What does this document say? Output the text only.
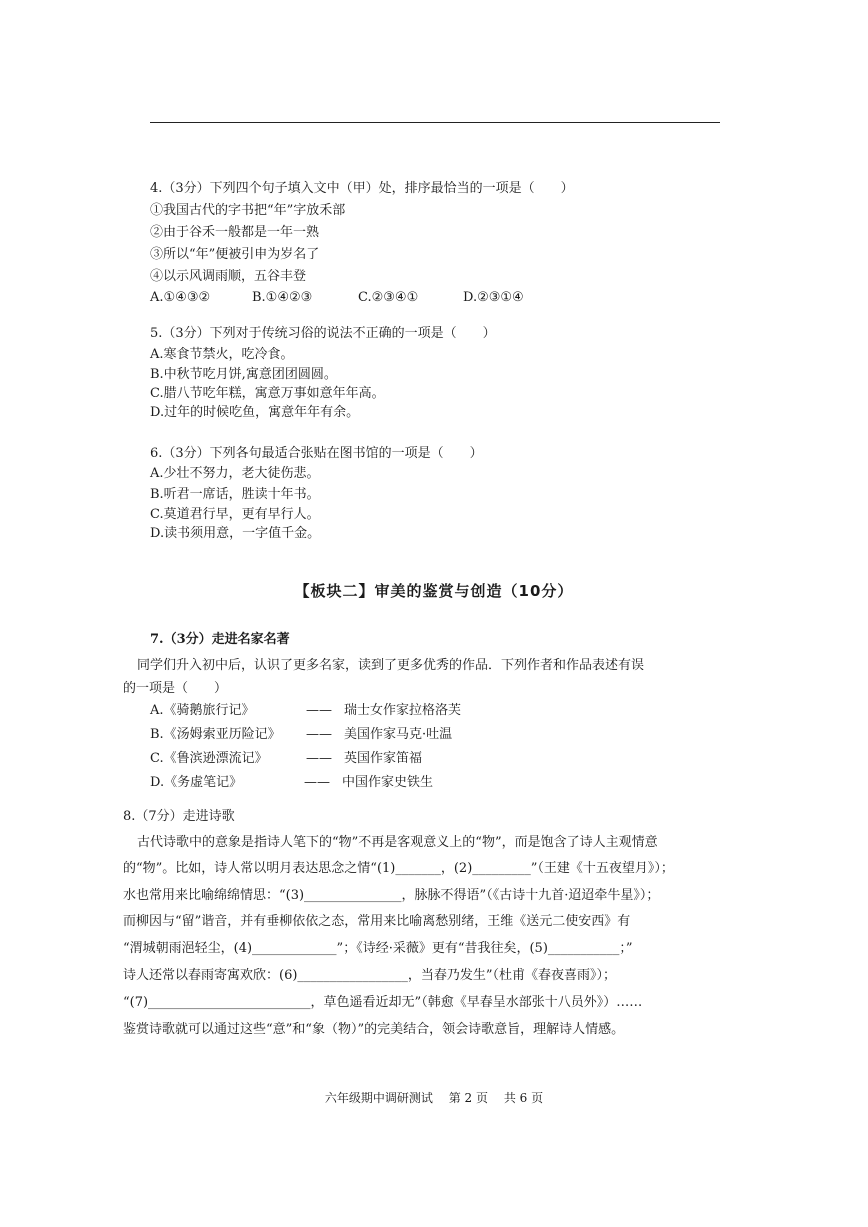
4.（3分）下列四个句子填入文中（甲）处，排序最恰当的一项是（　　）
①我国古代的字书把“年”字放禾部
②由于谷禾一般都是一年一熟
③所以“年”便被引申为岁名了
④以示风调雨顺，五谷丰登
A.①④③②	B.①④②③	C.②③④①	D.②③①④
5.（3分）下列对于传统习俗的说法不正确的一项是（　　）
A.寒食节禁火，吃冷食。
B.中秋节吃月饼,寓意团团圆圆。
C.腊八节吃年糕，寓意万事如意年年高。
D.过年的时候吃鱼，寓意年年有余。
6.（3分）下列各句最适合张贴在图书馆的一项是（　　）
A.少壮不努力，老大徒伤悲。
B.听君一席话，胜读十年书。
C.莫道君行早，更有早行人。
D.读书须用意，一字值千金。
【板块二】审美的鉴赏与创造（10分）
7.（3分）走进名家名著
同学们升入初中后，认识了更多名家，读到了更多优秀的作品．下列作者和作品表述有误
的一项是（　　）
A.《骑鹅旅行记》	—— 瑞士女作家拉格洛芙
B.《汤姆索亚历险记》 —— 美国作家马克·吐温
C.《鲁滨逊漂流记》	—— 英国作家笛福
D.《务虚笔记》	—— 中国作家史铁生
8.（7分）走进诗歌
古代诗歌中的意象是指诗人笔下的“物”不再是客观意义上的“物”，而是饱含了诗人主观情意
的“物”。比如，诗人常以明月表达思念之情“(1)_______，(2)_________”（王建《十五夜望月》）；
水也常用来比喻绵绵情思：“(3)_______________，脉脉不得语”（《古诗十九首·迢迢牵牛星》）；
而柳因与“留”谐音，并有垂柳依依之态，常用来比喻离愁别绪，王维《送元二使安西》有
“渭城朝雨浥轻尘，(4)_____________”；《诗经·采薇》更有“昔我往矣，(5)___________；”
诗人还常以春雨寄寓欢欣：(6)_________________，当春乃发生”（杜甫《春夜喜雨》）；
“(7)_________________________，草色遥看近却无”（韩愈《早春呈水部张十八员外》）……
鉴赏诗歌就可以通过这些“意”和“象（物）”的完美结合，领会诗歌意旨，理解诗人情感。
六年级期中调研测试 第 2 页 共 6 页
